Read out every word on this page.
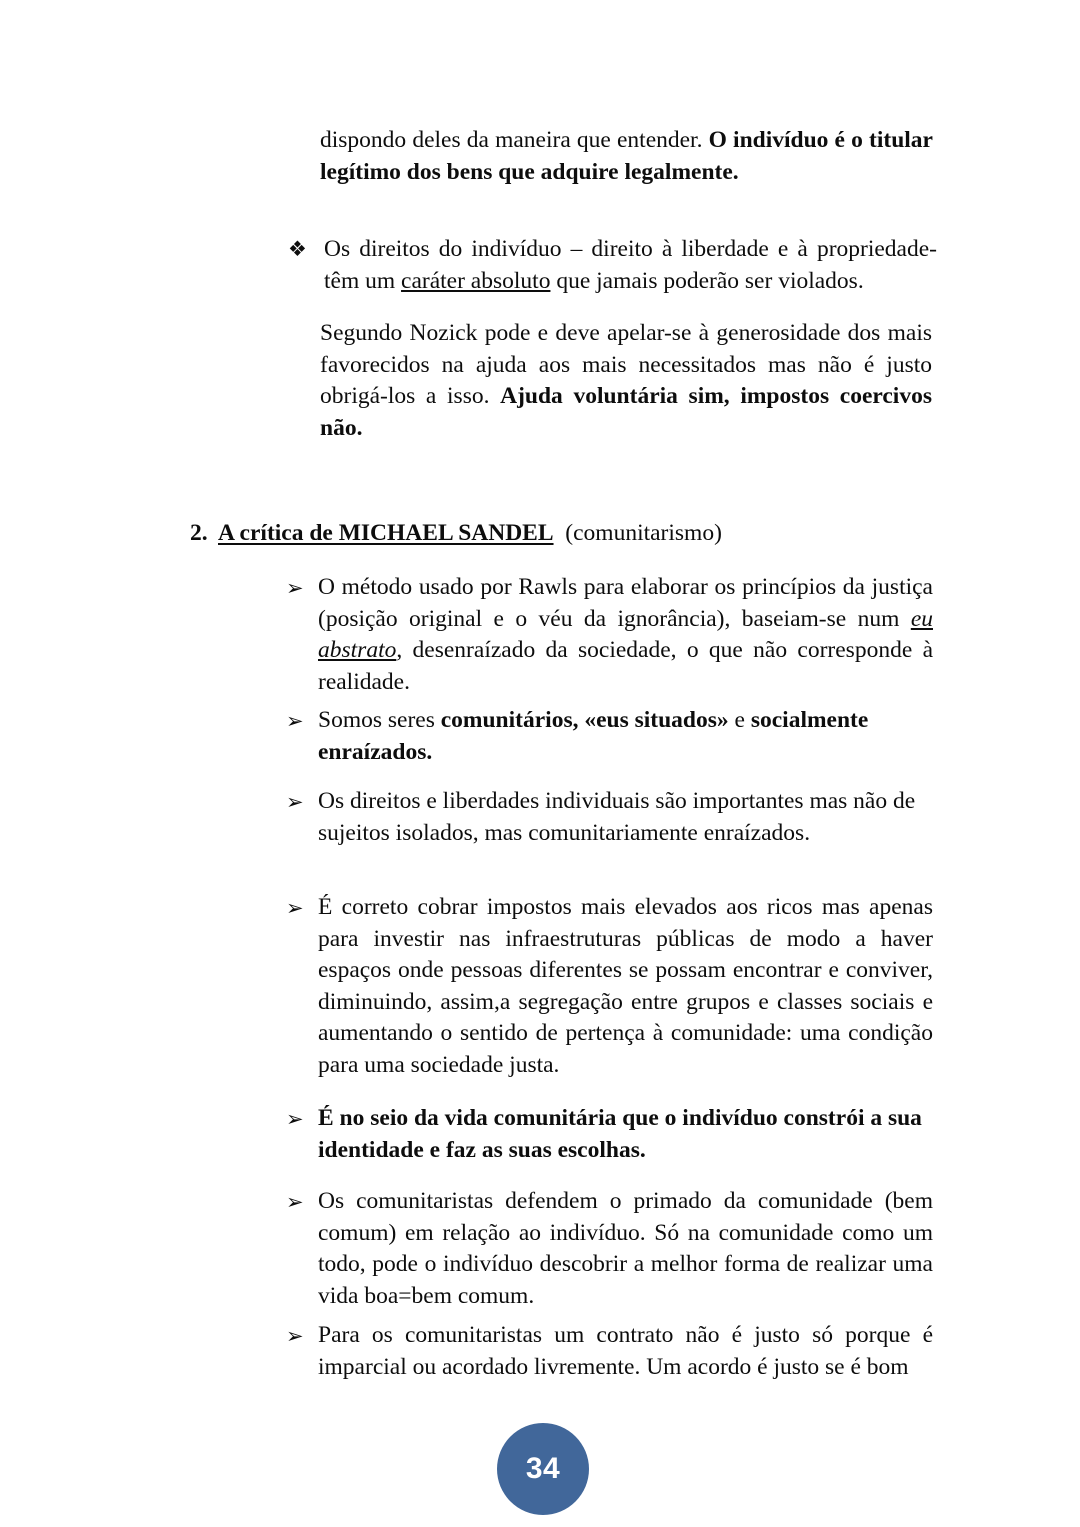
dispondo deles da maneira que entender. O indivíduo é o titular legítimo dos bens que adquire legalmente.
❖ Os direitos do indivíduo – direito à liberdade e à propriedade- têm um caráter absoluto que jamais poderão ser violados.
Segundo Nozick pode e deve apelar-se à generosidade dos mais favorecidos na ajuda aos mais necessitados mas não é justo obrigá-los a isso. Ajuda voluntária sim, impostos coercivos não.
2. A crítica de MICHAEL SANDEL (comunitarismo)
➢ O método usado por Rawls para elaborar os princípios da justiça (posição original e o véu da ignorância), baseiam-se num eu abstrato, desenraízado da sociedade, o que não corresponde à realidade.
➢ Somos seres comunitários, «eus situados» e socialmente enraízados.
➢ Os direitos e liberdades individuais são importantes mas não de sujeitos isolados, mas comunitariamente enraízados.
➢ É correto cobrar impostos mais elevados aos ricos mas apenas para investir nas infraestruturas públicas de modo a haver espaços onde pessoas diferentes se possam encontrar e conviver, diminuindo, assim,a segregação entre grupos e classes sociais e aumentando o sentido de pertença à comunidade: uma condição para uma sociedade justa.
➢ É no seio da vida comunitária que o indivíduo constrói a sua identidade e faz as suas escolhas.
➢ Os comunitaristas defendem o primado da comunidade (bem comum) em relação ao indivíduo. Só na comunidade como um todo, pode o indivíduo descobrir a melhor forma de realizar uma vida boa=bem comum.
➢ Para os comunitaristas um contrato não é justo só porque é imparcial ou acordado livremente. Um acordo é justo se é bom
34
